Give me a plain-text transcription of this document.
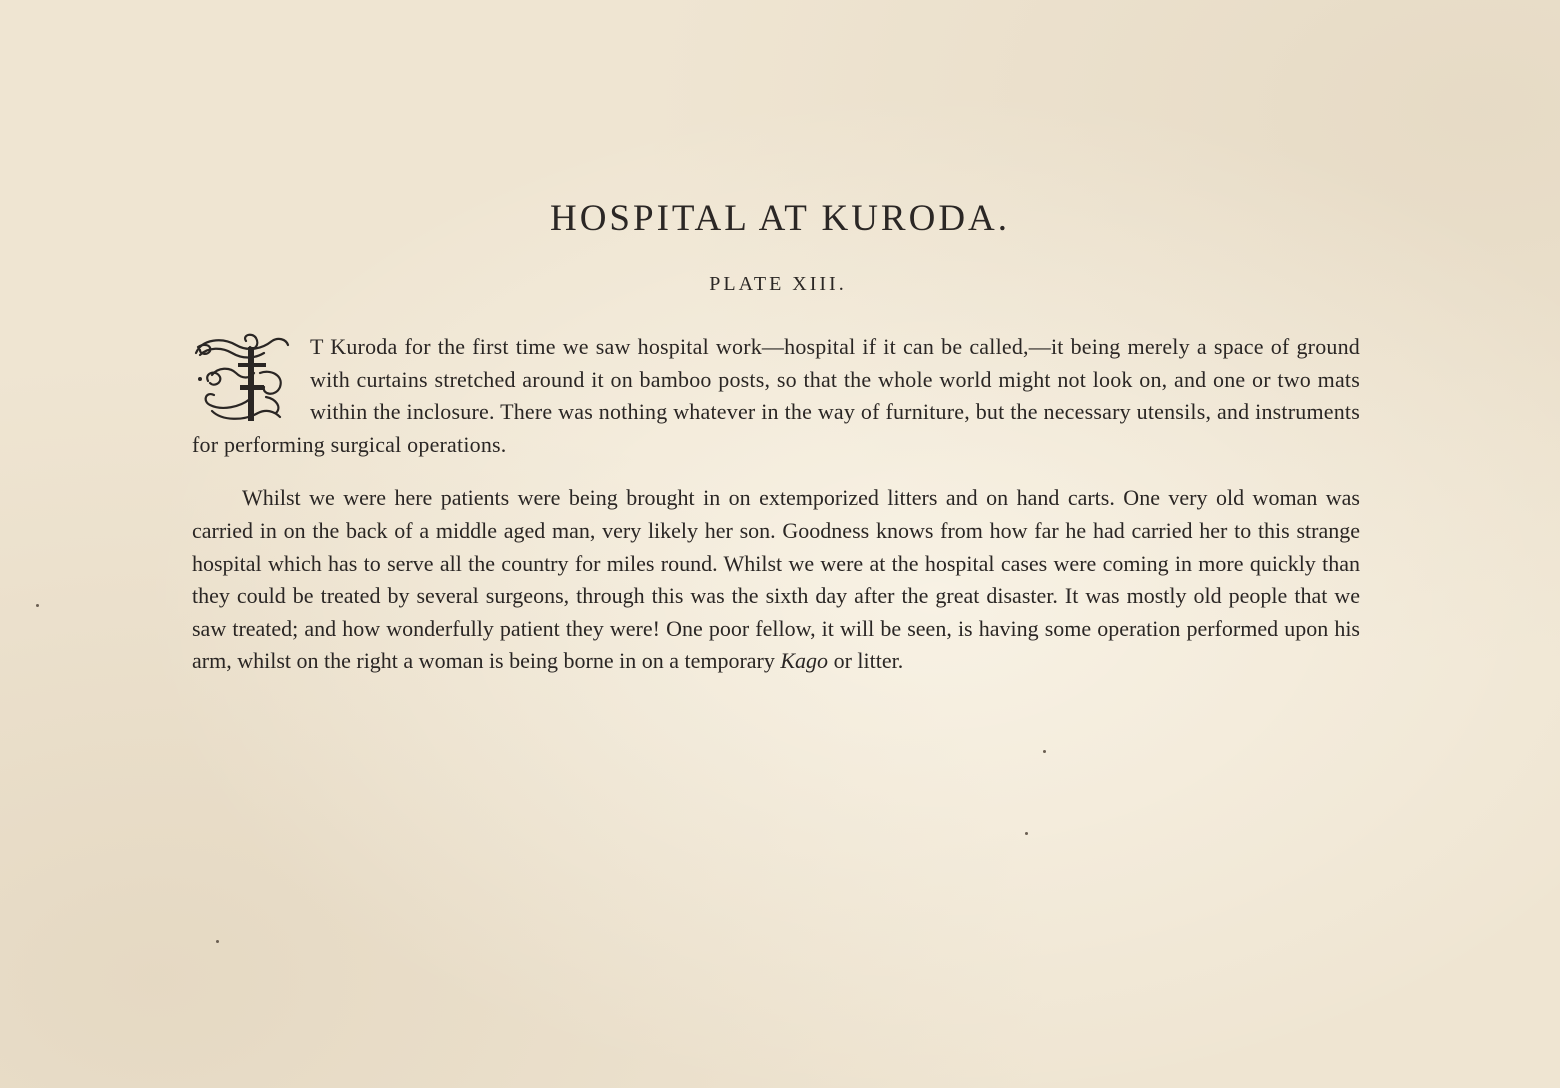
HOSPITAL AT KURODA.
PLATE XIII.

T Kuroda for the first time we saw hospital work—hospital if it can be called,—it being merely a space of ground with curtains stretched around it on bamboo posts, so that the whole world might not look on, and one or two mats within the inclosure. There was nothing whatever in the way of furniture, but the necessary utensils, and instruments for performing surgical operations.

Whilst we were here patients were being brought in on extemporized litters and on hand carts. One very old woman was carried in on the back of a middle aged man, very likely her son. Goodness knows from how far he had carried her to this strange hospital which has to serve all the country for miles round. Whilst we were at the hospital cases were coming in more quickly than they could be treated by several surgeons, through this was the sixth day after the great disaster. It was mostly old people that we saw treated; and how wonderfully patient they were! One poor fellow, it will be seen, is having some operation performed upon his arm, whilst on the right a woman is being borne in on a temporary Kago or litter.
